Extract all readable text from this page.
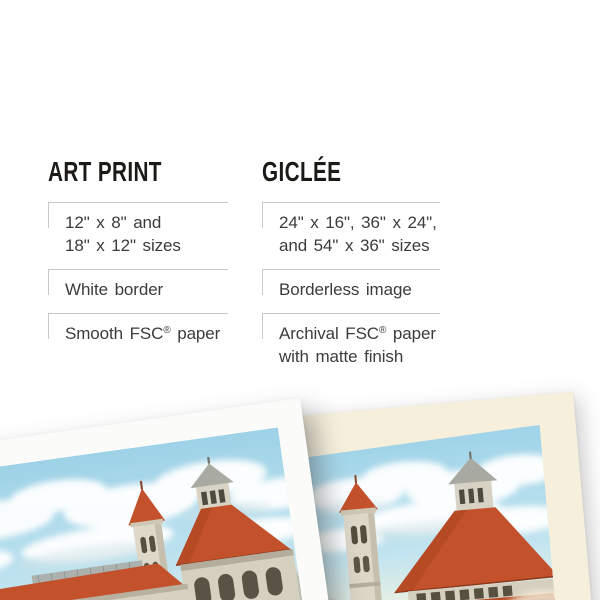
ART PRINT
12" x 8" and
18" x 12" sizes
White border
Smooth FSC® paper
GICLÉE
24" x 16", 36" x 24",
and 54" x 36" sizes
Borderless image
Archival FSC® paper
with matte finish
